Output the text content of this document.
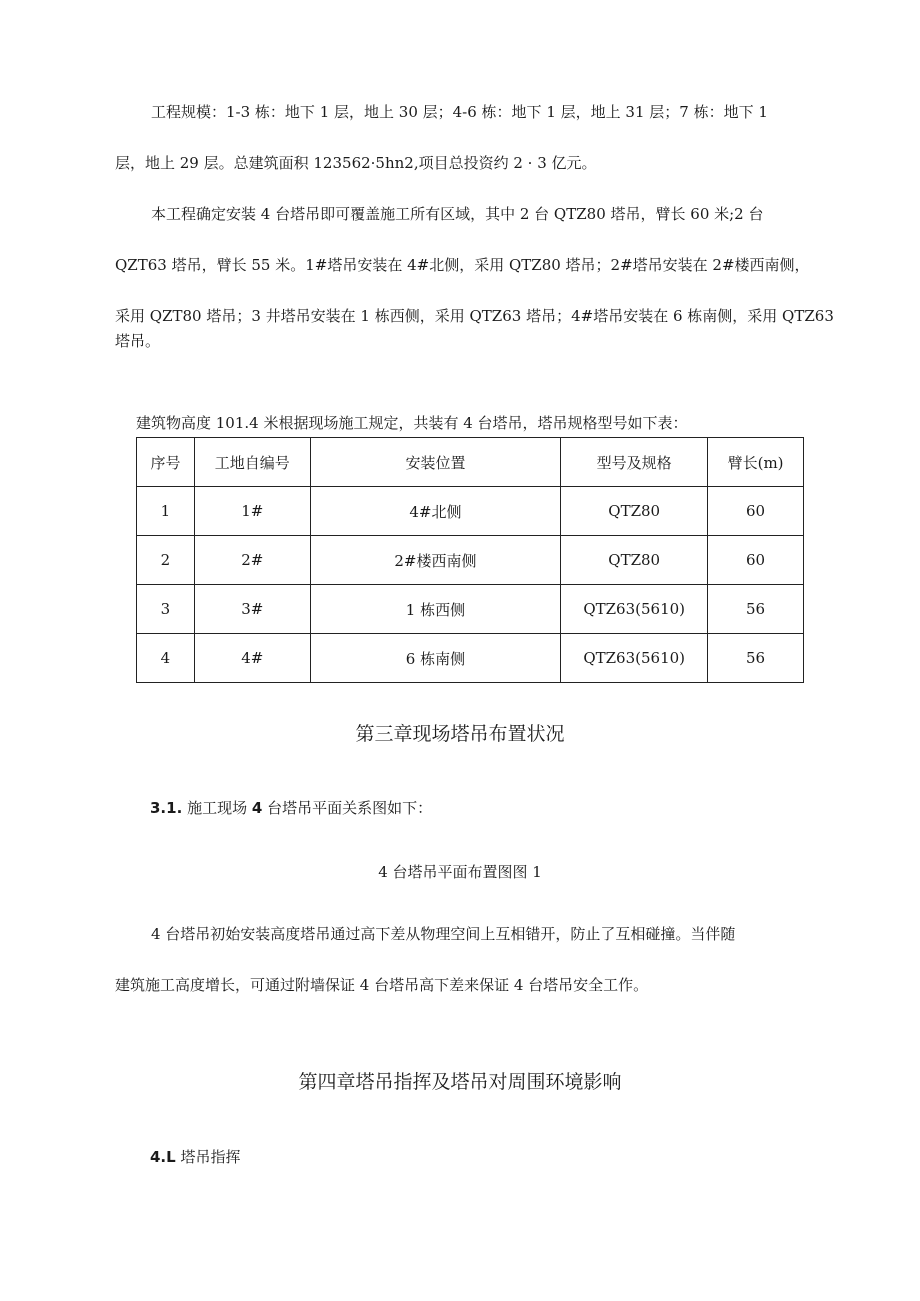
工程规模：1-3 栋：地下 1 层，地上 30 层；4-6 栋：地下 1 层，地上 31 层；7 栋：地下 1
层，地上 29 层。总建筑面积 123562·5hn2,项目总投资约 2 · 3 亿元。
本工程确定安装 4 台塔吊即可覆盖施工所有区域，其中 2 台 QTZ80 塔吊，臂长 60 米;2 台
QZT63 塔吊，臂长 55 米。1#塔吊安装在 4#北侧，采用 QTZ80 塔吊；2#塔吊安装在 2#楼西南侧，
采用 QZT80 塔吊；3 井塔吊安装在 1 栋西侧，采用 QTZ63 塔吊；4#塔吊安装在 6 栋南侧，采用 QTZ63
塔吊。
建筑物高度 101.4 米根据现场施工规定，共装有 4 台塔吊，塔吊规格型号如下表：
序号	工地自编号	安装位置	型号及规格	臂长(m)
1	1#	4#北侧	QTZ80	60
2	2#	2#楼西南侧	QTZ80	60
3	3#	1 栋西侧	QTZ63(5610)	56
4	4#	6 栋南侧	QTZ63(5610)	56
第三章现场塔吊布置状况
3.1. 施工现场 4 台塔吊平面关系图如下：
4 台塔吊平面布置图图 1
4 台塔吊初始安装高度塔吊通过高下差从物理空间上互相错开，防止了互相碰撞。当伴随
建筑施工高度增长，可通过附墙保证 4 台塔吊高下差来保证 4 台塔吊安全工作。
第四章塔吊指挥及塔吊对周围环境影响
4.L 塔吊指挥
